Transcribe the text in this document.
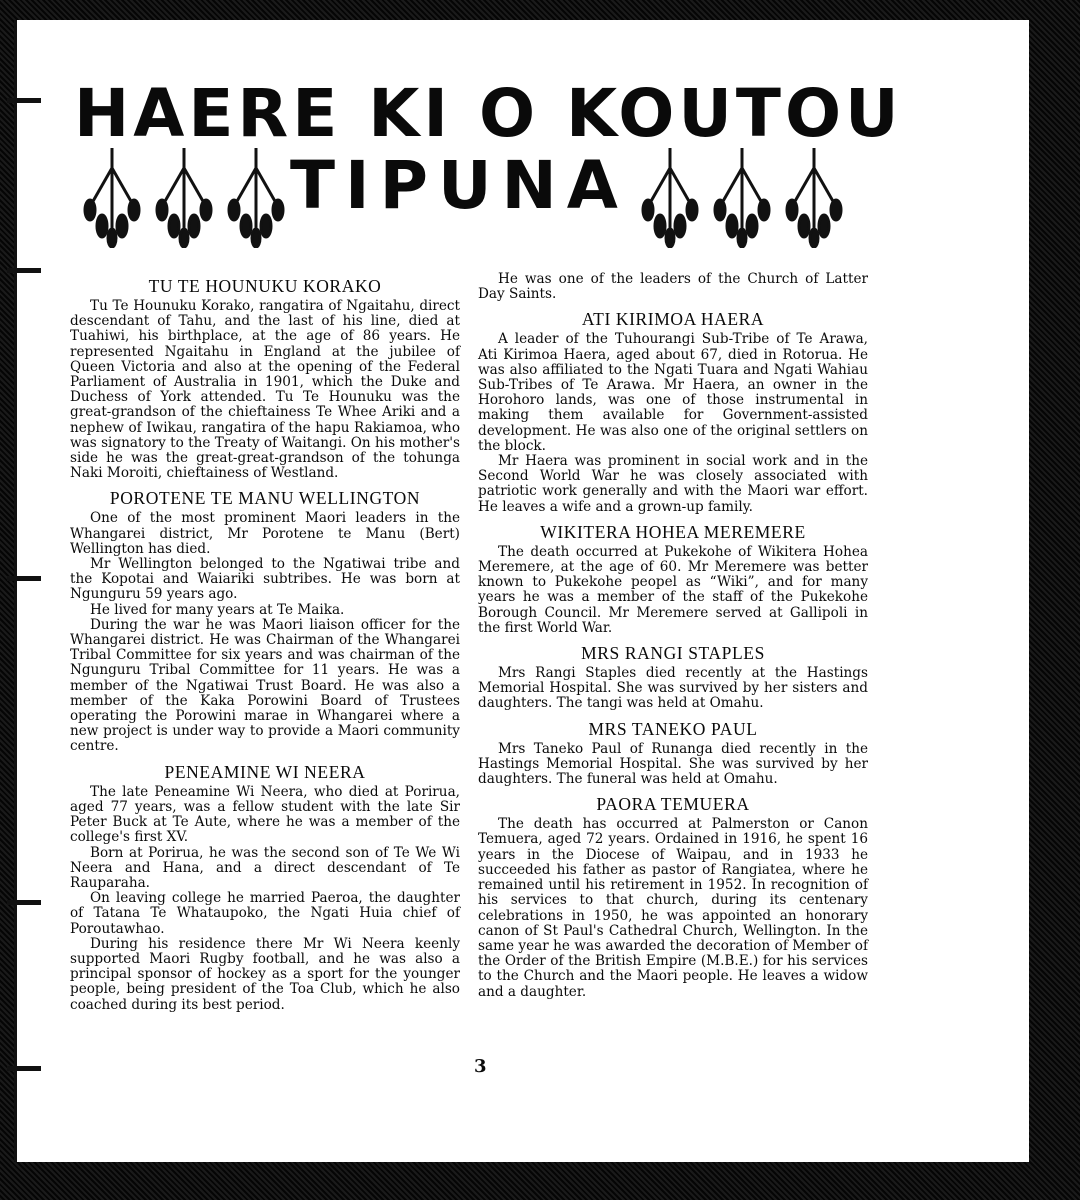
HAERE KI O KOUTOU
TIPUNA
TU TE HOUNUKU KORAKO

Tu Te Hounuku Korako, rangatira of Ngaitahu, direct descendant of Tahu, and the last of his line, died at Tuahiwi, his birthplace, at the age of 86 years. He represented Ngaitahu in England at the jubilee of Queen Victoria and also at the opening of the Federal Parliament of Australia in 1901, which the Duke and Duchess of York attended. Tu Te Hounuku was the great-grandson of the chieftainess Te Whee Ariki and a nephew of Iwikau, rangatira of the hapu Rakiamoa, who was signatory to the Treaty of Waitangi. On his mother's side he was the great-great-grandson of the tohunga Naki Moroiti, chieftainess of Westland.

POROTENE TE MANU WELLINGTON

One of the most prominent Maori leaders in the Whangarei district, Mr Porotene te Manu (Bert) Wellington has died.

Mr Wellington belonged to the Ngatiwai tribe and the Kopotai and Waiariki subtribes. He was born at Ngunguru 59 years ago.

He lived for many years at Te Maika.

During the war he was Maori liaison officer for the Whangarei district. He was Chairman of the Whangarei Tribal Committee for six years and was chairman of the Ngunguru Tribal Committee for 11 years. He was a member of the Ngatiwai Trust Board. He was also a member of the Kaka Porowini Board of Trustees operating the Porowini marae in Whangarei where a new project is under way to provide a Maori community centre.

PENEAMINE WI NEERA

The late Peneamine Wi Neera, who died at Porirua, aged 77 years, was a fellow student with the late Sir Peter Buck at Te Aute, where he was a member of the college's first XV.

Born at Porirua, he was the second son of Te We Wi Neera and Hana, and a direct descendant of Te Rauparaha.

On leaving college he married Paeroa, the daughter of Tatana Te Whataupoko, the Ngati Huia chief of Poroutawhao.

During his residence there Mr Wi Neera keenly supported Maori Rugby football, and he was also a principal sponsor of hockey as a sport for the younger people, being president of the Toa Club, which he also coached during its best period.

He was one of the leaders of the Church of Latter Day Saints.

ATI KIRIMOA HAERA

A leader of the Tuhourangi Sub-Tribe of Te Arawa, Ati Kirimoa Haera, aged about 67, died in Rotorua. He was also affiliated to the Ngati Tuara and Ngati Wahiau Sub-Tribes of Te Arawa. Mr Haera, an owner in the Horohoro lands, was one of those instrumental in making them available for Government-assisted development. He was also one of the original settlers on the block.

Mr Haera was prominent in social work and in the Second World War he was closely associated with patriotic work generally and with the Maori war effort. He leaves a wife and a grown-up family.

WIKITERA HOHEA MEREMERE

The death occurred at Pukekohe of Wikitera Hohea Meremere, at the age of 60. Mr Meremere was better known to Pukekohe peopel as “Wiki”, and for many years he was a member of the staff of the Pukekohe Borough Council. Mr Meremere served at Gallipoli in the first World War.

MRS RANGI STAPLES

Mrs Rangi Staples died recently at the Hastings Memorial Hospital. She was survived by her sisters and daughters. The tangi was held at Omahu.

MRS TANEKO PAUL

Mrs Taneko Paul of Runanga died recently in the Hastings Memorial Hospital. She was survived by her daughters. The funeral was held at Omahu.

PAORA TEMUERA

The death has occurred at Palmerston or Canon Temuera, aged 72 years. Ordained in 1916, he spent 16 years in the Diocese of Waipau, and in 1933 he succeeded his father as pastor of Rangiatea, where he remained until his retirement in 1952. In recognition of his services to that church, during its centenary celebrations in 1950, he was appointed an honorary canon of St Paul's Cathedral Church, Wellington. In the same year he was awarded the decoration of Member of the Order of the British Empire (M.B.E.) for his services to the Church and the Maori people. He leaves a widow and a daughter.

3
